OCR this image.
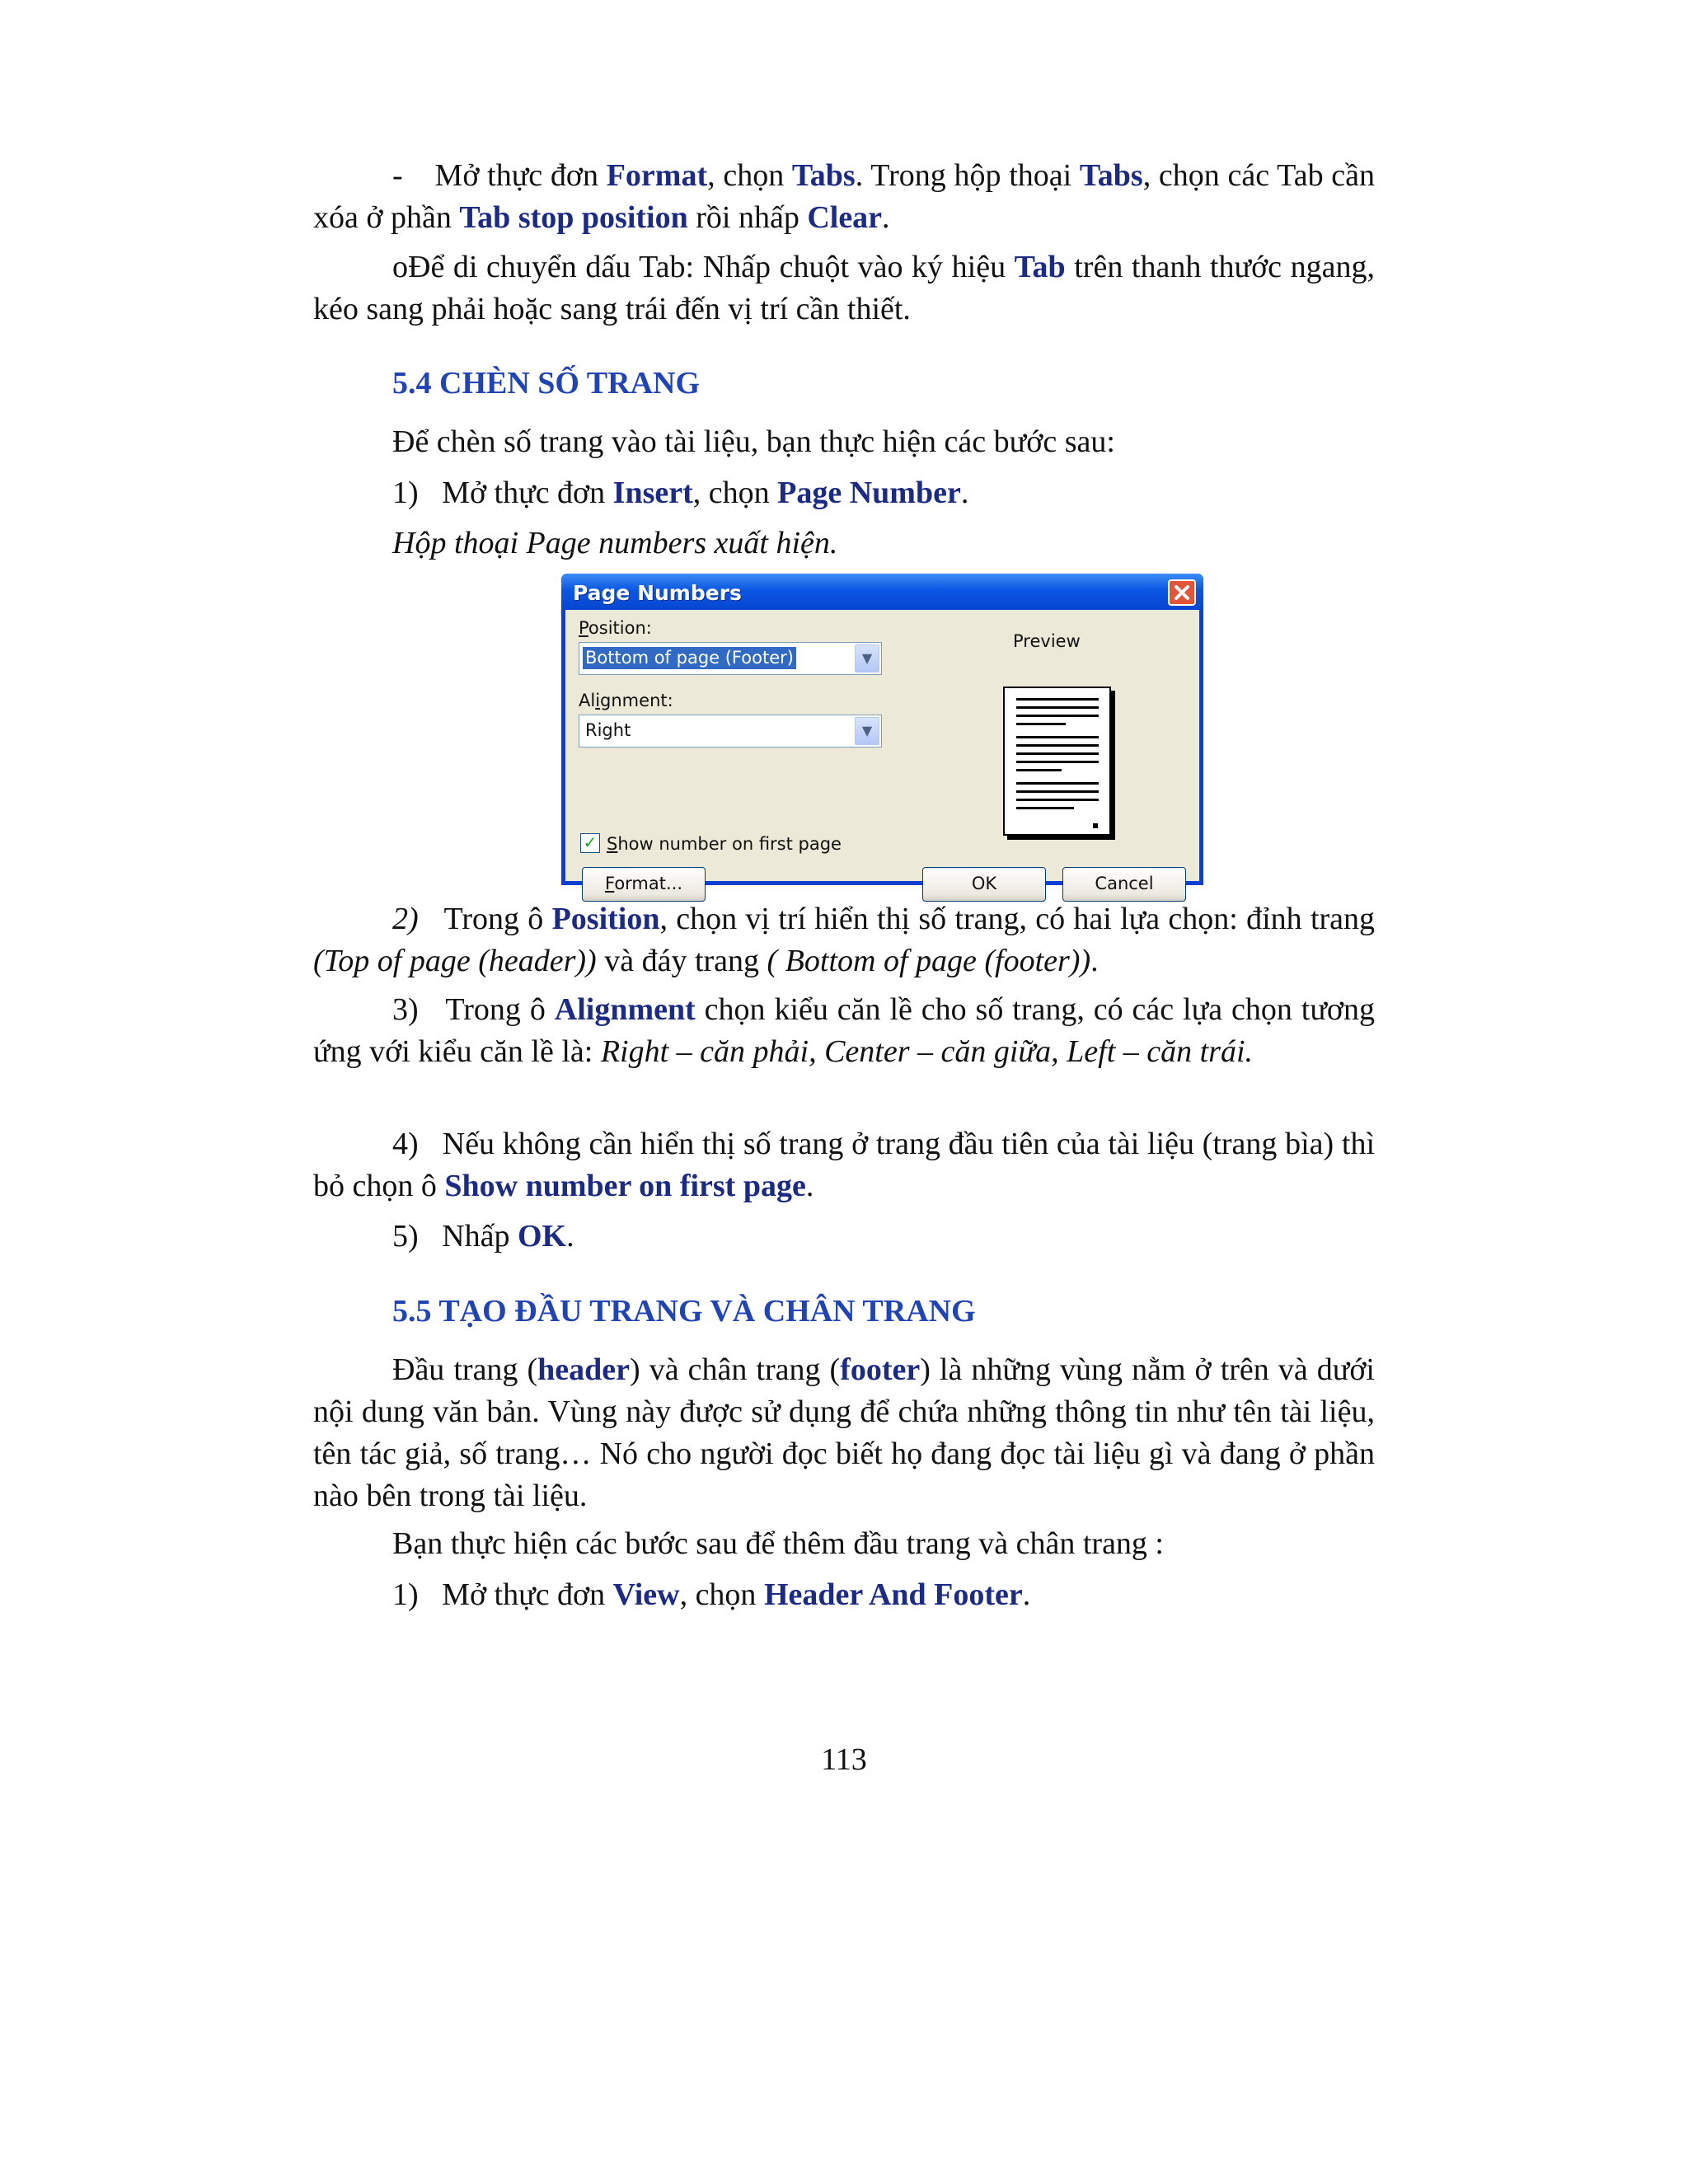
- Mở thực đơn Format, chọn Tabs. Trong hộp thoại Tabs, chọn các Tab cần xóa ở phần Tab stop position rồi nhấp Clear.

oĐể di chuyển dấu Tab: Nhấp chuột vào ký hiệu Tab trên thanh thước ngang, kéo sang phải hoặc sang trái đến vị trí cần thiết.

5.4 CHÈN SỐ TRANG

Để chèn số trang vào tài liệu, bạn thực hiện các bước sau:

1) Mở thực đơn Insert, chọn Page Number.

Hộp thoại Page numbers xuất hiện.

Page Numbers
Position:
Bottom of page (Footer)	▼
Alignment:
Right	▼
✓ Show number on first page
Preview
Format...	OK	Cancel

2) Trong ô Position, chọn vị trí hiển thị số trang, có hai lựa chọn: đỉnh trang (Top of page (header)) và đáy trang ( Bottom of page (footer)).

3) Trong ô Alignment chọn kiểu căn lề cho số trang, có các lựa chọn tương ứng với kiểu căn lề là: Right – căn phải, Center – căn giữa, Left – căn trái.

4) Nếu không cần hiển thị số trang ở trang đầu tiên của tài liệu (trang bìa) thì bỏ chọn ô Show number on first page.

5) Nhấp OK.

5.5 TẠO ĐẦU TRANG VÀ CHÂN TRANG

Đầu trang (header) và chân trang (footer) là những vùng nằm ở trên và dưới nội dung văn bản. Vùng này được sử dụng để chứa những thông tin như tên tài liệu, tên tác giả, số trang… Nó cho người đọc biết họ đang đọc tài liệu gì và đang ở phần nào bên trong tài liệu.

Bạn thực hiện các bước sau để thêm đầu trang và chân trang :

1) Mở thực đơn View, chọn Header And Footer.

113
